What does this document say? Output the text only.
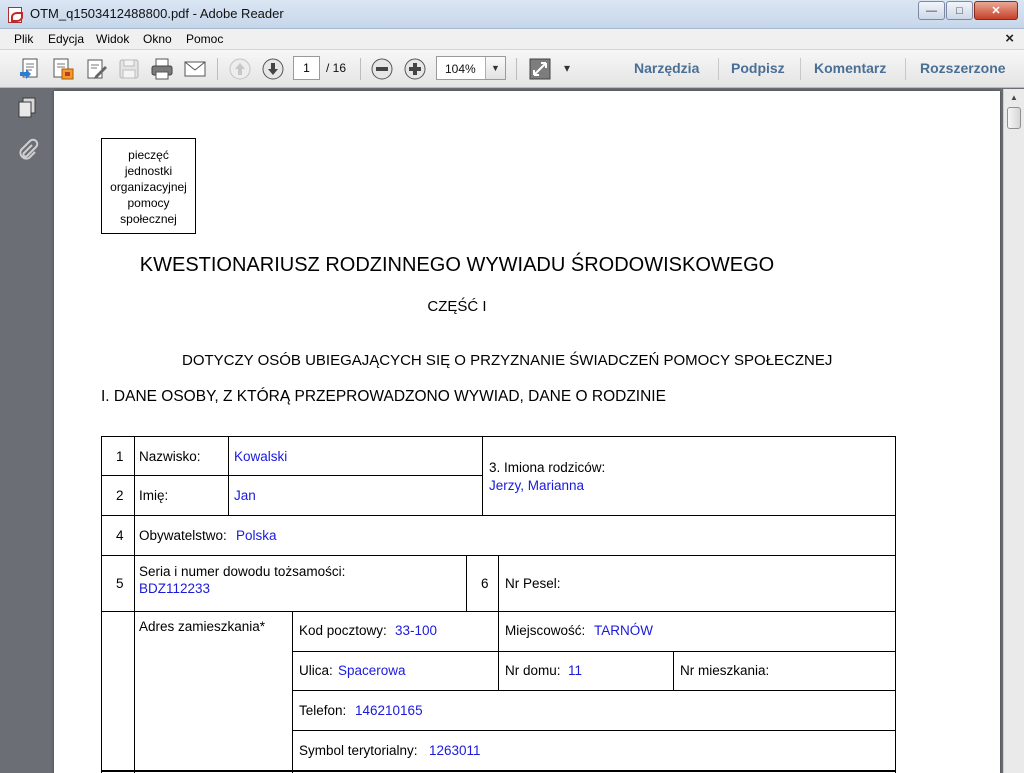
OTM_q1503412488800.pdf - Adobe Reader	—	□	✕
Plik Edycja Widok Okno Pomoc	×
1	/ 16	104%	▼	▾	Narzędzia Podpisz Komentarz Rozszerzone
▲
pieczęć
jednostki
organizacyjnej
pomocy
społecznej
KWESTIONARIUSZ RODZINNEGO WYWIADU ŚRODOWISKOWEGO
CZĘŚĆ I
DOTYCZY OSÓB UBIEGAJĄCYCH SIĘ O PRZYZNANIE ŚWIADCZEŃ POMOCY SPOŁECZNEJ
I. DANE OSOBY, Z KTÓRĄ PRZEPROWADZONO WYWIAD, DANE O RODZINIE
1 Nazwisko: Kowalski
2 Imię:	Jan
3. Imiona rodziców:
Jerzy, Marianna
4 Obywatelstwo: Polska
5
Seria i numer dowodu tożsamości:
BDZ112233	6 Nr Pesel:
Adres zamieszkania*	Kod pocztowy: 33-100	Miejscowość: TARNÓW
Ulica: Spacerowa	Nr domu: 11	Nr mieszkania:
Telefon: 146210165
Symbol terytorialny: 1263011
